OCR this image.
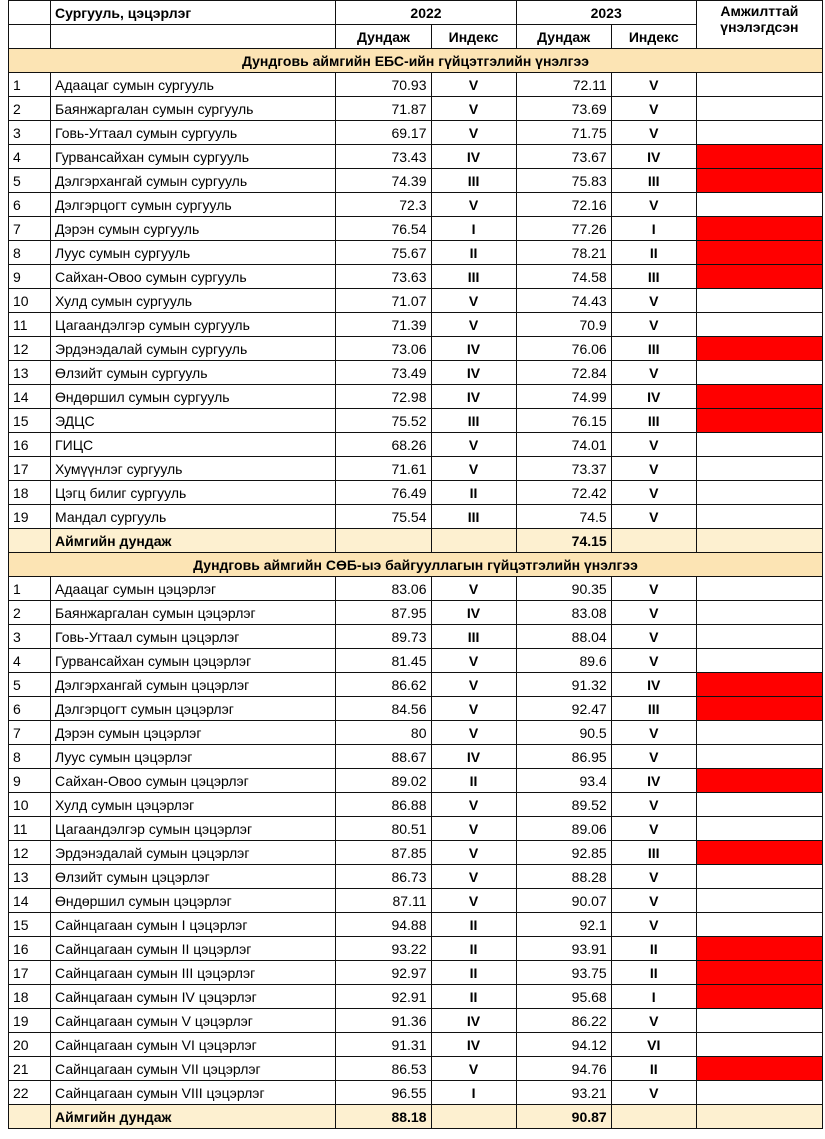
	Сургууль, цэцэрлэг	2022		2023		Амжилттай үнэлэгдсэн
		Дундаж	Индекс	Дундаж	Индекс	
Дундговь аймгийн ЕБС-ийн гүйцэтгэлийн үнэлгээ						
1	Адаацаг сумын сургууль	70.93	V	72.11	V	
2	Баянжаргалан сумын сургууль	71.87	V	73.69	V	
3	Говь-Угтаал сумын сургууль	69.17	V	71.75	V	
4	Гурвансайхан сумын сургууль	73.43	IV	73.67	IV	
5	Дэлгэрхангай сумын сургууль	74.39	III	75.83	III	
6	Дэлгэрцогт сумын сургууль	72.3	V	72.16	V	
7	Дэрэн сумын сургууль	76.54	I	77.26	I	
8	Луус сумын сургууль	75.67	II	78.21	II	
9	Сайхан-Овоо сумын сургууль	73.63	III	74.58	III	
10	Хулд сумын сургууль	71.07	V	74.43	V	
11	Цагаандэлгэр сумын сургууль	71.39	V	70.9	V	
12	Эрдэнэдалай сумын сургууль	73.06	IV	76.06	III	
13	Өлзийт сумын сургууль	73.49	IV	72.84	V	
14	Өндөршил сумын сургууль	72.98	IV	74.99	IV	
15	ЭДЦС	75.52	III	76.15	III	
16	ГИЦС	68.26	V	74.01	V	
17	Хумүүнлэг сургууль	71.61	V	73.37	V	
18	Цэгц билиг сургууль	76.49	II	72.42	V	
19	Мандал сургууль	75.54	III	74.5	V	
	Аймгийн дундаж			74.15		
Дундговь аймгийн СӨБ-ыэ байгууллагын гүйцэтгэлийн үнэлгээ						
1	Адаацаг сумын цэцэрлэг	83.06	V	90.35	V	
2	Баянжаргалан сумын цэцэрлэг	87.95	IV	83.08	V	
3	Говь-Угтаал сумын цэцэрлэг	89.73	III	88.04	V	
4	Гурвансайхан сумын цэцэрлэг	81.45	V	89.6	V	
5	Дэлгэрхангай сумын цэцэрлэг	86.62	V	91.32	IV	
6	Дэлгэрцогт сумын цэцэрлэг	84.56	V	92.47	III	
7	Дэрэн сумын цэцэрлэг	80	V	90.5	V	
8	Луус сумын цэцэрлэг	88.67	IV	86.95	V	
9	Сайхан-Овоо сумын цэцэрлэг	89.02	II	93.4	IV	
10	Хулд сумын цэцэрлэг	86.88	V	89.52	V	
11	Цагаандэлгэр сумын цэцэрлэг	80.51	V	89.06	V	
12	Эрдэнэдалай сумын цэцэрлэг	87.85	V	92.85	III	
13	Өлзийт сумын цэцэрлэг	86.73	V	88.28	V	
14	Өндөршил сумын цэцэрлэг	87.11	V	90.07	V	
15	Сайнцагаан сумын I цэцэрлэг	94.88	II	92.1	V	
16	Сайнцагаан сумын II цэцэрлэг	93.22	II	93.91	II	
17	Сайнцагаан сумын III цэцэрлэг	92.97	II	93.75	II	
18	Сайнцагаан сумын IV цэцэрлэг	92.91	II	95.68	I	
19	Сайнцагаан сумын V цэцэрлэг	91.36	IV	86.22	V	
20	Сайнцагаан сумын VI цэцэрлэг	91.31	IV	94.12	VI	
21	Сайнцагаан сумын VII цэцэрлэг	86.53	V	94.76	II	
22	Сайнцагаан сумын VIII цэцэрлэг	96.55	I	93.21	V	
	Аймгийн дундаж	88.18		90.87		
